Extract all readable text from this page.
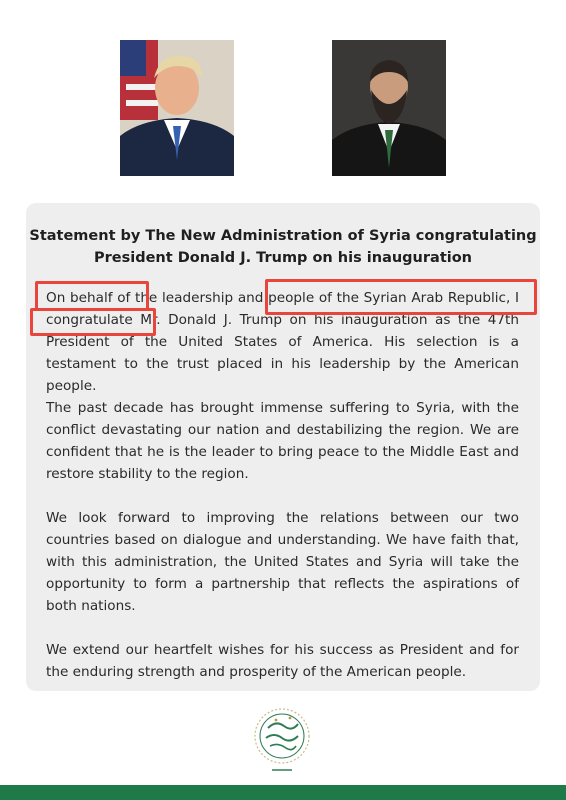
Statement by The New Administration of Syria congratulating
President Donald J. Trump on his inauguration
On behalf of the leadership and people of the Syrian Arab Republic, I congratulate Mr. Donald J. Trump on his inauguration as the 47th President of the United States of America. His selection is a testament to the trust placed in his leadership by the American people.
The past decade has brought immense suffering to Syria, with the conflict devastating our nation and destabilizing the region. We are confident that he is the leader to bring peace to the Middle East and restore stability to the region.
We look forward to improving the relations between our two countries based on dialogue and understanding. We have faith that, with this administration, the United States and Syria will take the opportunity to form a partnership that reflects the aspirations of both nations.
We extend our heartfelt wishes for his success as President and for the enduring strength and prosperity of the American people.
